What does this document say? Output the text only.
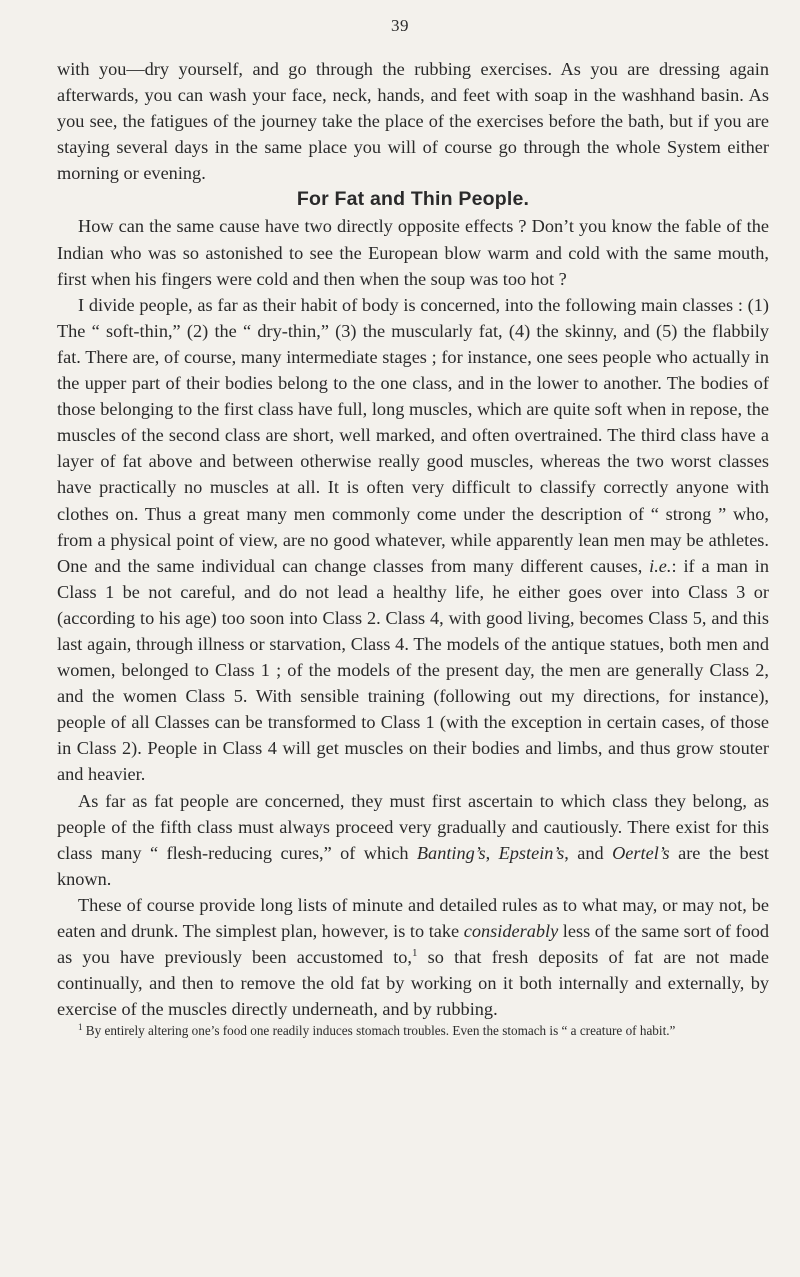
39

with you—dry yourself, and go through the rubbing exercises. As you are dressing again afterwards, you can wash your face, neck, hands, and feet with soap in the washhand basin. As you see, the fatigues of the journey take the place of the exercises before the bath, but if you are staying several days in the same place you will of course go through the whole System either morning or evening.

For Fat and Thin People.

How can the same cause have two directly opposite effects ? Don’t you know the fable of the Indian who was so astonished to see the European blow warm and cold with the same mouth, first when his fingers were cold and then when the soup was too hot ?

I divide people, as far as their habit of body is concerned, into the following main classes : (1) The “ soft-thin,” (2) the “ dry-thin,” (3) the muscularly fat, (4) the skinny, and (5) the flabbily fat. There are, of course, many intermediate stages ; for instance, one sees people who actually in the upper part of their bodies belong to the one class, and in the lower to another. The bodies of those belonging to the first class have full, long muscles, which are quite soft when in repose, the muscles of the second class are short, well marked, and often overtrained. The third class have a layer of fat above and between otherwise really good muscles, whereas the two worst classes have practically no muscles at all. It is often very difficult to classify correctly anyone with clothes on. Thus a great many men commonly come under the description of “ strong ” who, from a physical point of view, are no good whatever, while apparently lean men may be athletes. One and the same individual can change classes from many different causes, i.e.: if a man in Class 1 be not careful, and do not lead a healthy life, he either goes over into Class 3 or (according to his age) too soon into Class 2. Class 4, with good living, becomes Class 5, and this last again, through illness or starvation, Class 4. The models of the antique statues, both men and women, belonged to Class 1 ; of the models of the present day, the men are generally Class 2, and the women Class 5. With sensible training (following out my directions, for instance), people of all Classes can be transformed to Class 1 (with the exception in certain cases, of those in Class 2). People in Class 4 will get muscles on their bodies and limbs, and thus grow stouter and heavier.

As far as fat people are concerned, they must first ascertain to which class they belong, as people of the fifth class must always proceed very gradually and cautiously. There exist for this class many “ flesh-reducing cures,” of which Banting’s, Epstein’s, and Oertel’s are the best known.

These of course provide long lists of minute and detailed rules as to what may, or may not, be eaten and drunk. The simplest plan, however, is to take considerably less of the same sort of food as you have previously been accustomed to,$^1$ so that fresh deposits of fat are not made continually, and then to remove the old fat by working on it both internally and externally, by exercise of the muscles directly underneath, and by rubbing.

$^1$ By entirely altering one’s food one readily induces stomach troubles. Even the stomach is “ a creature of habit.”
